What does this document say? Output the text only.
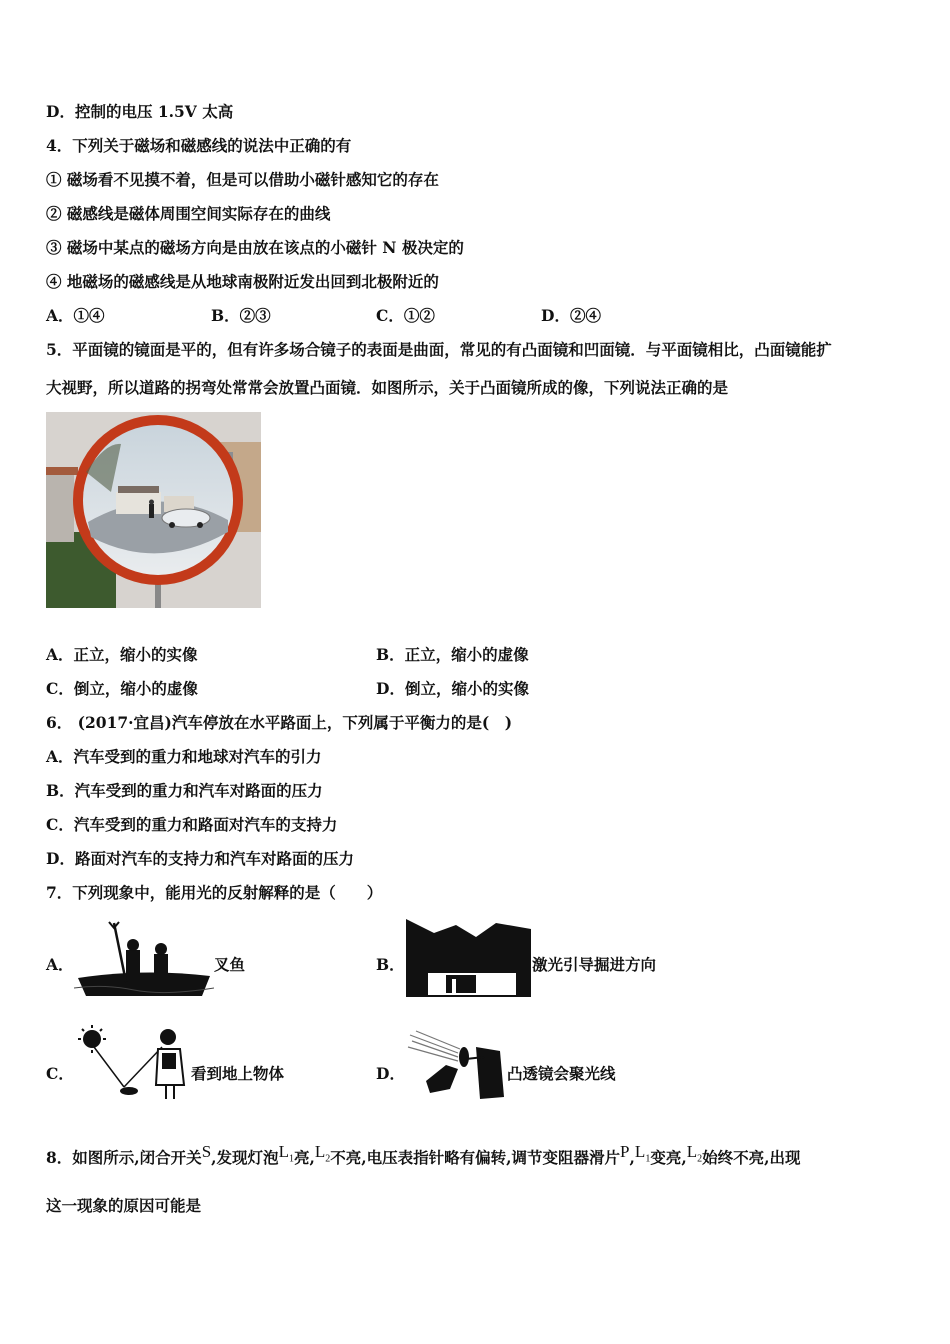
D．控制的电压 1.5V 太高
4．下列关于磁场和磁感线的说法中正确的有
① 磁场看不见摸不着，但是可以借助小磁针感知它的存在
② 磁感线是磁体周围空间实际存在的曲线
③ 磁场中某点的磁场方向是由放在该点的小磁针 N 极决定的
④ 地磁场的磁感线是从地球南极附近发出回到北极附近的
A．①④	B．②③	C．①②	D．②④
5．平面镜的镜面是平的，但有许多场合镜子的表面是曲面，常见的有凸面镜和凹面镜．与平面镜相比，凸面镜能扩
大视野，所以道路的拐弯处常常会放置凸面镜．如图所示，关于凸面镜所成的像，下列说法正确的是
A．正立，缩小的实像	B．正立，缩小的虚像
C．倒立，缩小的虚像	D．倒立，缩小的实像
6． (2017·宜昌)汽车停放在水平路面上，下列属于平衡力的是(　)
A．汽车受到的重力和地球对汽车的引力
B．汽车受到的重力和汽车对路面的压力
C．汽车受到的重力和路面对汽车的支持力
D．路面对汽车的支持力和汽车对路面的压力
7．下列现象中，能用光的反射解释的是（　　）
A．	叉鱼	B．	激光引导掘进方向
C．	看到地上物体	D．	凸透镜会聚光线
8．如图所示,闭合开关S,发现灯泡$L_1$亮$,L_2$不亮,电压表指针略有偏转,调节变阻器滑片$P,L_1$变亮$,L_2$始终不亮,出现
这一现象的原因可能是
